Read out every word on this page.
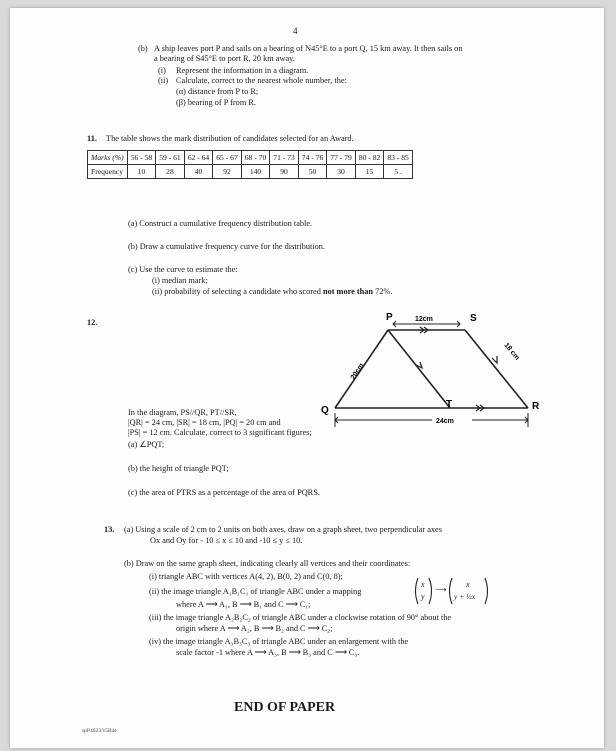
4
(b) A ship leaves port P and sails on a bearing of N45°E to a port Q, 15 km away. It then sails on
a bearing of S45°E to port R, 20 km away.
(i) Represent the information in a diagram.
(ii) Calculate, correct to the nearest whole number, the:
(α) distance from P to R;
(β) bearing of P from R.
11. The table shows the mark distribution of candidates selected for an Award.
Marks (%)	56 - 58	59 - 61	62 - 64	65 - 67	68 - 70	71 - 73	74 - 76	77 - 79	80 - 82	83 - 85
Frequency	10	28	40	92	140	90	50	30	15	5 .
(a) Construct a cumulative frequency distribution table.
(b) Draw a cumulative frequency curve for the distribution.
(c) Use the curve to estimate the:
(i) median mark;
(ii) probability of selecting a candidate who scored not more than 72%.
12.	P	S
Q
T	R
12cm
24cm
20cm
18 cm
In the diagram, PS//QR, PT//SR,
|QR| = 24 cm, |SR| = 18 cm, |PQ| = 20 cm and
|PS| = 12 cm. Calculate, correct to 3 significant figures;
(a) ∠PQT;
(b) the height of triangle PQT;
(c) the area of PTRS as a percentage of the area of PQRS.
13. (a) Using a scale of 2 cm to 2 units on both axes, draw on a graph sheet, two perpendicular axes
Ox and Oy for - 10 ≤ x ≤ 10 and -10 ≤ y ≤ 10.
(b) Draw on the same graph sheet, indicating clearly all vertices and their coordinates:
(i) triangle ABC with vertices A(4, 2), B(0, 2) and C(0, 8);
(ii) the image triangle A₁B₁C₁ of triangle ABC under a mapping
x
y
⟶
x
y + ½x
where A ⟶ A₁, B ⟶ B₁ and C ⟶ C₁;
(iii) the image triangle A₂B₂C₂ of triangle ABC under a clockwise rotation of 90° about the
origin where A ⟶ A₂, B ⟶ B₂ and C ⟶ C₂;
(iv) the image triangle A₃B₃C₃ of triangle ABC under an enlargement with the
scale factor -1 where A ⟶ A₃, B ⟶ B₃ and C ⟶ C₃.
END OF PAPER
spP4023/15B4e
